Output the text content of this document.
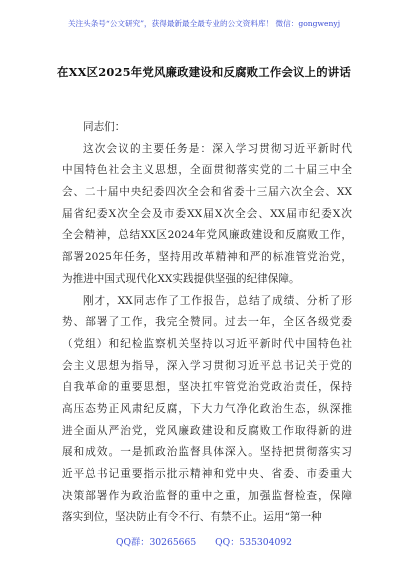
关注头条号“公文研究”，获得最新最全最专业的公文资料库！ 微信：gongwenyj
在XX区2025年党风廉政建设和反腐败工作会议上的讲话

同志们：

这次会议的主要任务是：深入学习贯彻习近平新时代
中国特色社会主义思想，全面贯彻落实党的二十届三中全
会、二十届中央纪委四次全会和省委十三届六次全会、XX
届省纪委X次全会及市委XX届X次全会、XX届市纪委X次
全会精神，总结XX区2024年党风廉政建设和反腐败工作，
部署2025年任务，坚持用改革精神和严的标准管党治党，
为推进中国式现代化XX实践提供坚强的纪律保障。

刚才，XX同志作了工作报告，总结了成绩、分析了形
势、部署了工作，我完全赞同。过去一年，全区各级党委
（党组）和纪检监察机关坚持以习近平新时代中国特色社
会主义思想为指导，深入学习贯彻习近平总书记关于党的
自我革命的重要思想，坚决扛牢管党治党政治责任，保持
高压态势正风肃纪反腐，下大力气净化政治生态，纵深推
进全面从严治党，党风廉政建设和反腐败工作取得新的进
展和成效。一是抓政治监督具体深入。坚持把贯彻落实习
近平总书记重要指示批示精神和党中央、省委、市委重大
决策部署作为政治监督的重中之重，加强监督检查，保障
落实到位，坚决防止有令不行、有禁不止。运用“第一种

QQ群：30265665 QQ：535304092
